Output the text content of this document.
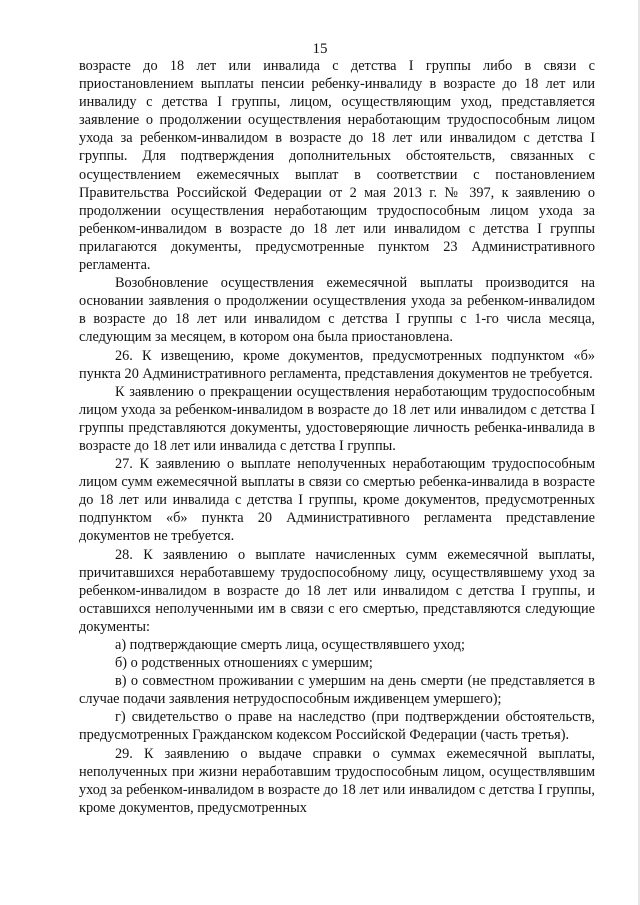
15

возрасте до 18 лет или инвалида с детства I группы либо в связи с приостановлением выплаты пенсии ребенку-инвалиду в возрасте до 18 лет или инвалиду с детства I группы, лицом, осуществляющим уход, представляется заявление о продолжении осуществления неработающим трудоспособным лицом ухода за ребенком-инвалидом в возрасте до 18 лет или инвалидом с детства I группы. Для подтверждения дополнительных обстоятельств, связанных с осуществлением ежемесячных выплат в соответствии с постановлением Правительства Российской Федерации от 2 мая 2013 г. № 397, к заявлению о продолжении осуществления неработающим трудоспособным лицом ухода за ребенком-инвалидом в возрасте до 18 лет или инвалидом с детства I группы прилагаются документы, предусмотренные пунктом 23 Административного регламента.

Возобновление осуществления ежемесячной выплаты производится на основании заявления о продолжении осуществления ухода за ребенком-инвалидом в возрасте до 18 лет или инвалидом с детства I группы с 1-го числа месяца, следующим за месяцем, в котором она была приостановлена.

26. К извещению, кроме документов, предусмотренных подпунктом «б» пункта 20 Административного регламента, представления документов не требуется.

К заявлению о прекращении осуществления неработающим трудоспособным лицом ухода за ребенком-инвалидом в возрасте до 18 лет или инвалидом с детства I группы представляются документы, удостоверяющие личность ребенка-инвалида в возрасте до 18 лет или инвалида с детства I группы.

27. К заявлению о выплате неполученных неработающим трудоспособным лицом сумм ежемесячной выплаты в связи со смертью ребенка-инвалида в возрасте до 18 лет или инвалида с детства I группы, кроме документов, предусмотренных подпунктом «б» пункта 20 Административного регламента представление документов не требуется.

28. К заявлению о выплате начисленных сумм ежемесячной выплаты, причитавшихся неработавшему трудоспособному лицу, осуществлявшему уход за ребенком-инвалидом в возрасте до 18 лет или инвалидом с детства I группы, и оставшихся неполученными им в связи с его смертью, представляются следующие документы:

а) подтверждающие смерть лица, осуществлявшего уход;

б) о родственных отношениях с умершим;

в) о совместном проживании с умершим на день смерти (не представляется в случае подачи заявления нетрудоспособным иждивенцем умершего);

г) свидетельство о праве на наследство (при подтверждении обстоятельств, предусмотренных Гражданском кодексом Российской Федерации (часть третья).

29. К заявлению о выдаче справки о суммах ежемесячной выплаты, неполученных при жизни неработавшим трудоспособным лицом, осуществлявшим уход за ребенком-инвалидом в возрасте до 18 лет или инвалидом с детства I группы, кроме документов, предусмотренных
